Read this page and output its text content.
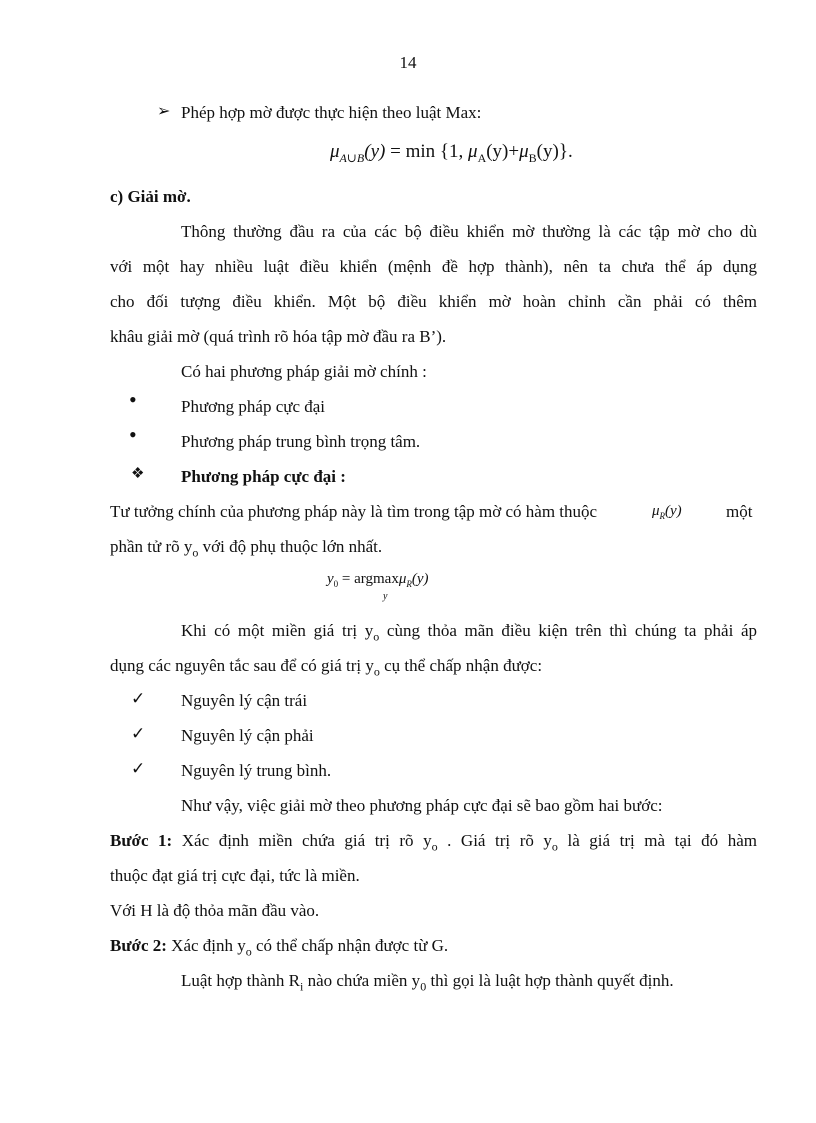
14
➢ Phép hợp mờ được thực hiện theo luật Max:
$\mu_{A\cup B}(y) = \min \{1$, $\mu_A(y)+\mu_B(y)$}.
c) Giải mờ.
Thông thường đầu ra của các bộ điều khiển mờ thường là các tập mờ cho dù
với một hay nhiều luật điều khiển (mệnh đề hợp thành), nên ta chưa thể áp dụng
cho đối tượng điều khiển. Một bộ điều khiển mờ hoàn chỉnh cần phải có thêm
khâu giải mờ (quá trình rõ hóa tập mờ đầu ra B’).
Có hai phương pháp giải mờ chính :
•	Phương pháp cực đại
•	Phương pháp trung bình trọng tâm.
❖ Phương pháp cực đại :
Tư tưởng chính của phương pháp này là tìm trong tập mờ có hàm thuộc	$\mu_R(y)$	một
phần tử rõ $y_o$ với độ phụ thuộc lớn nhất.
$y_0 = argmax\mu_R(y)$
y
Khi có một miền giá trị $y_o$ cùng thỏa mãn điều kiện trên thì chúng ta phải áp
dụng các nguyên tắc sau để có giá trị $y_o$ cụ thể chấp nhận được:
✓ Nguyên lý cận trái
✓ Nguyên lý cận phải
✓ Nguyên lý trung bình.
Như vậy, việc giải mờ theo phương pháp cực đại sẽ bao gồm hai bước:
Bước 1: Xác định miền chứa giá trị rõ $y_o$ . Giá trị rõ $y_o$ là giá trị mà tại đó hàm
thuộc đạt giá trị cực đại, tức là miền.
Với H là độ thỏa mãn đầu vào.
Bước 2: Xác định $y_o$ có thể chấp nhận được từ G.
Luật hợp thành $R_i$ nào chứa miền $y_0$ thì gọi là luật hợp thành quyết định.
